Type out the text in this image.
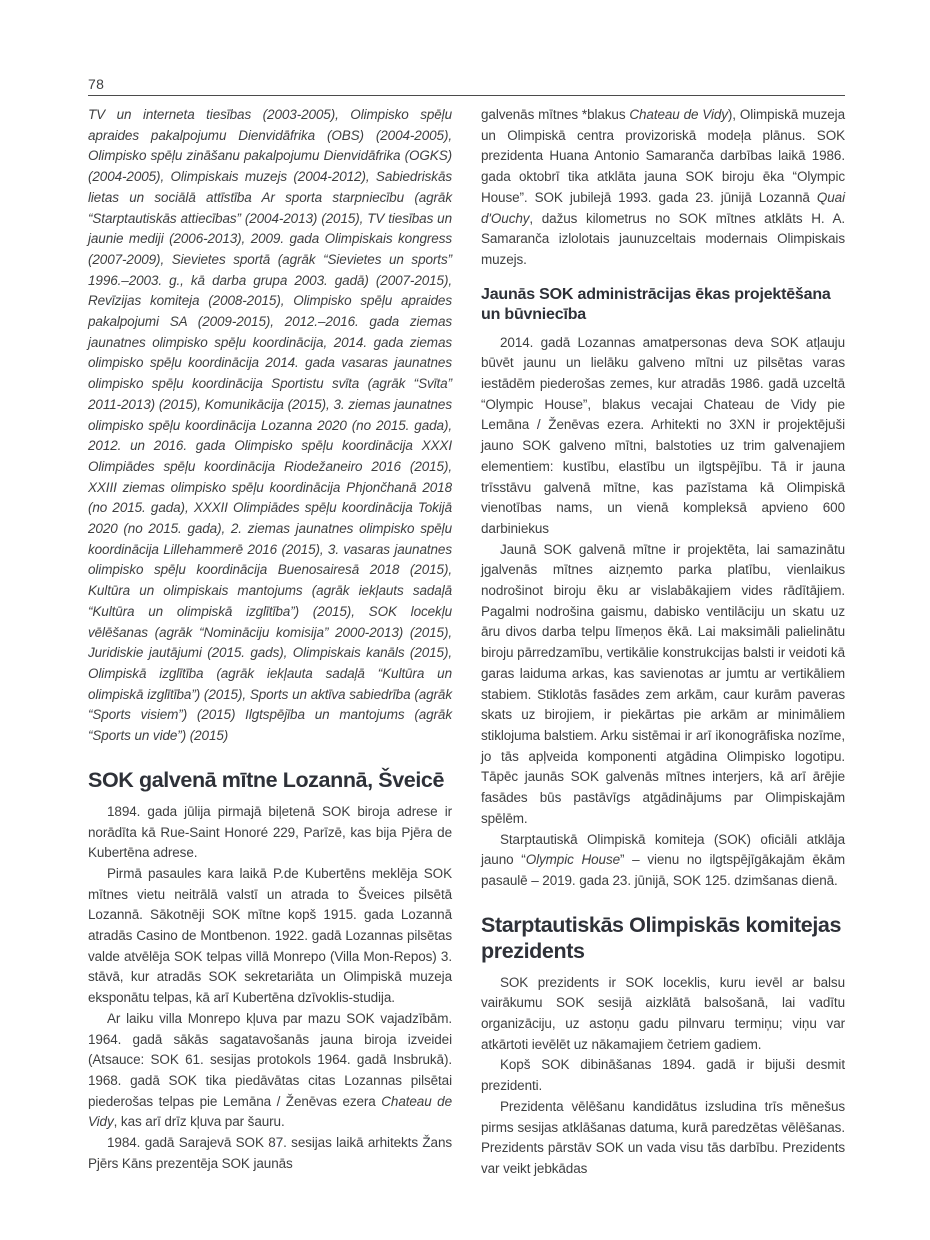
78

TV un interneta tiesības (2003-2005), Olimpisko spēļu apraides pakalpojumu Dienvidāfrika (OBS) (2004-2005), Olimpisko spēļu zināšanu pakalpojumu Dienvidāfrika (OGKS) (2004-2005), Olimpiskais muzejs (2004-2012), Sabiedriskās lietas un sociālā attīstība Ar sporta starpniecību (agrāk “Starptautiskās attiecības” (2004-2013) (2015), TV tiesības un jaunie mediji (2006-2013), 2009. gada Olimpiskais kongress (2007-2009), Sievietes sportā (agrāk “Sievietes un sports” 1996.–2003. g., kā darba grupa 2003. gadā) (2007-2015), Revīzijas komiteja (2008-2015), Olimpisko spēļu apraides pakalpojumi SA (2009-2015), 2012.–2016. gada ziemas jaunatnes olimpisko spēļu koordinācija, 2014. gada ziemas olimpisko spēļu koordinācija 2014. gada vasaras jaunatnes olimpisko spēļu koordinācija Sportistu svīta (agrāk “Svīta” 2011-2013) (2015), Komunikācija (2015), 3. ziemas jaunatnes olimpisko spēļu koordinācija Lozanna 2020 (no 2015. gada), 2012. un 2016. gada Olimpisko spēļu koordinācija XXXI Olimpiādes spēļu koordinācija Riodežaneiro 2016 (2015), XXIII ziemas olimpisko spēļu koordinācija Phjončhanā 2018 (no 2015. gada), XXXII Olimpiādes spēļu koordinācija Tokijā 2020 (no 2015. gada), 2. ziemas jaunatnes olimpisko spēļu koordinācija Lillehammerē 2016 (2015), 3. vasaras jaunatnes olimpisko spēļu koordinācija Buenosairesā 2018 (2015), Kultūra un olimpiskais mantojums (agrāk iekļauts sadaļā “Kultūra un olimpiskā izglītība”) (2015), SOK locekļu vēlēšanas (agrāk “Nomināciju komisija” 2000-2013) (2015), Juridiskie jautājumi (2015. gads), Olimpiskais kanāls (2015), Olimpiskā izglītība (agrāk iekļauta sadaļā “Kultūra un olimpiskā izglītība”) (2015), Sports un aktīva sabiedrība (agrāk “Sports visiem”) (2015) Ilgtspējība un mantojums (agrāk “Sports un vide”) (2015)

SOK galvenā mītne Lozannā, Šveicē

1894. gada jūlija pirmajā biļetenā SOK biroja adrese ir norādīta kā Rue-Saint Honoré 229, Parīzē, kas bija Pjēra de Kubertēna adrese.

Pirmā pasaules kara laikā P.de Kubertēns meklēja SOK mītnes vietu neitrālā valstī un atrada to Šveices pilsētā Lozannā. Sākotnēji SOK mītne kopš 1915. gada Lozannā atradās Casino de Montbenon. 1922. gadā Lozannas pilsētas valde atvēlēja SOK telpas villā Monrepo (Villa Mon-Repos) 3. stāvā, kur atradās SOK sekretariāta un Olimpiskā muzeja eksponātu telpas, kā arī Kubertēna dzīvoklis-studija.

Ar laiku villa Monrepo kļuva par mazu SOK vajadzībām. 1964. gadā sākās sagatavošanās jauna biroja izveidei (Atsauce: SOK 61. sesijas protokols 1964. gadā Insbrukā). 1968. gadā SOK tika piedāvātas citas Lozannas pilsētai piederošas telpas pie Lemāna / Ženēvas ezera Chateau de Vidy, kas arī drīz kļuva par šauru.

1984. gadā Sarajevā SOK 87. sesijas laikā arhitekts Žans Pjērs Kāns prezentēja SOK jaunās

galvenās mītnes *blakus Chateau de Vidy), Olimpiskā muzeja un Olimpiskā centra provizoriskā modeļa plānus. SOK prezidenta Huana Antonio Samaranča darbības laikā 1986. gada oktobrī tika atklāta jauna SOK biroju ēka “Olympic House”. SOK jubilejā 1993. gada 23. jūnijā Lozannā Quai d'Ouchy, dažus kilometrus no SOK mītnes atklāts H. A. Samaranča izlolotais jaunuzceltais modernais Olimpiskais muzejs.

Jaunās SOK administrācijas ēkas projektēšana un būvniecība

2014. gadā Lozannas amatpersonas deva SOK atļauju būvēt jaunu un lielāku galveno mītni uz pilsētas varas iestādēm piederošas zemes, kur atradās 1986. gadā uzceltā “Olympic House”, blakus vecajai Chateau de Vidy pie Lemāna / Ženēvas ezera. Arhitekti no 3XN ir projektējuši jauno SOK galveno mītni, balstoties uz trim galvenajiem elementiem: kustību, elastību un ilgtspējību. Tā ir jauna trīsstāvu galvenā mītne, kas pazīstama kā Olimpiskā vienotības nams, un vienā kompleksā apvieno 600 darbiniekus

Jaunā SOK galvenā mītne ir projektēta, lai samazinātu jgalvenās mītnes aizņemto parka platību, vienlaikus nodrošinot biroju ēku ar vislabākajiem vides rādītājiem. Pagalmi nodrošina gaismu, dabisko ventilāciju un skatu uz āru divos darba telpu līmeņos ēkā. Lai maksimāli palielinātu biroju pārredzamību, vertikālie konstrukcijas balsti ir veidoti kā garas laiduma arkas, kas savienotas ar jumtu ar vertikāliem stabiem. Stiklotās fasādes zem arkām, caur kurām paveras skats uz birojiem, ir piekārtas pie arkām ar minimāliem stiklojuma balstiem. Arku sistēmai ir arī ikonogrāfiska nozīme, jo tās apļveida komponenti atgādina Olimpisko logotipu. Tāpēc jaunās SOK galvenās mītnes interjers, kā arī ārējie fasādes būs pastāvīgs atgādinājums par Olimpiskajām spēlēm.

Starptautiskā Olimpiskā komiteja (SOK) oficiāli atklāja jauno “Olympic House” – vienu no ilgtspējīgākajām ēkām pasaulē – 2019. gada 23. jūnijā, SOK 125. dzimšanas dienā.

Starptautiskās Olimpiskās komitejas prezidents

SOK prezidents ir SOK loceklis, kuru ievēl ar balsu vairākumu SOK sesijā aizklātā balsošanā, lai vadītu organizāciju, uz astoņu gadu pilnvaru termiņu; viņu var atkārtoti ievēlēt uz nākamajiem četriem gadiem.

Kopš SOK dibināšanas 1894. gadā ir bijuši desmit prezidenti.

Prezidenta vēlēšanu kandidātus izsludina trīs mēnešus pirms sesijas atklāšanas datuma, kurā paredzētas vēlēšanas. Prezidents pārstāv SOK un vada visu tās darbību. Prezidents var veikt jebkādas
